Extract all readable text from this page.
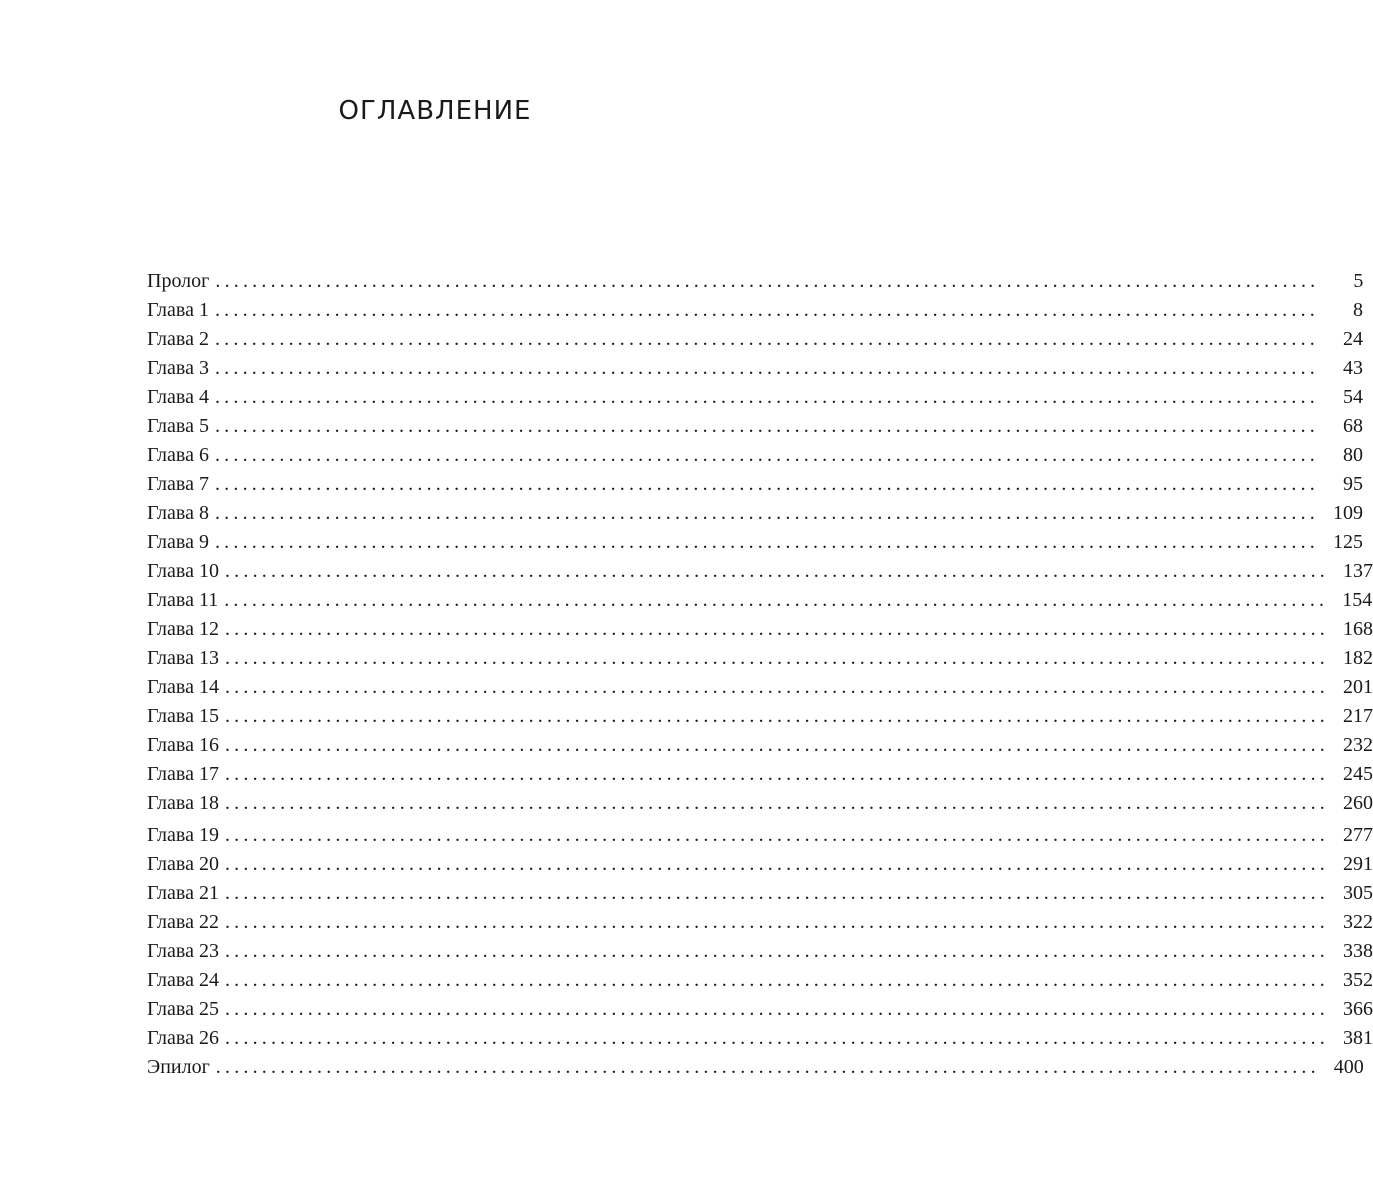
ОГЛАВЛЕНИЕ
Пролог ........................................................................................................................	5
Глава 1 ........................................................................................................................	8
Глава 2 ........................................................................................................................	24
Глава 3 ........................................................................................................................	43
Глава 4 ........................................................................................................................	54
Глава 5 ........................................................................................................................	68
Глава 6 ........................................................................................................................	80
Глава 7 ........................................................................................................................	95
Глава 8 ........................................................................................................................ 109
Глава 9 ........................................................................................................................ 125
Глава 10 ........................................................................................................................ 137
Глава 11 ........................................................................................................................ 154
Глава 12 ........................................................................................................................ 168
Глава 13 ........................................................................................................................ 182
Глава 14 ........................................................................................................................ 201
Глава 15 ........................................................................................................................ 217
Глава 16 ........................................................................................................................ 232
Глава 17 ........................................................................................................................ 245
Глава 18 ........................................................................................................................ 260
Глава 19 ........................................................................................................................ 277
Глава 20 ........................................................................................................................ 291
Глава 21 ........................................................................................................................ 305
Глава 22 ........................................................................................................................ 322
Глава 23 ........................................................................................................................ 338
Глава 24 ........................................................................................................................ 352
Глава 25 ........................................................................................................................ 366
Глава 26 ........................................................................................................................ 381
Эпилог ........................................................................................................................ 400
